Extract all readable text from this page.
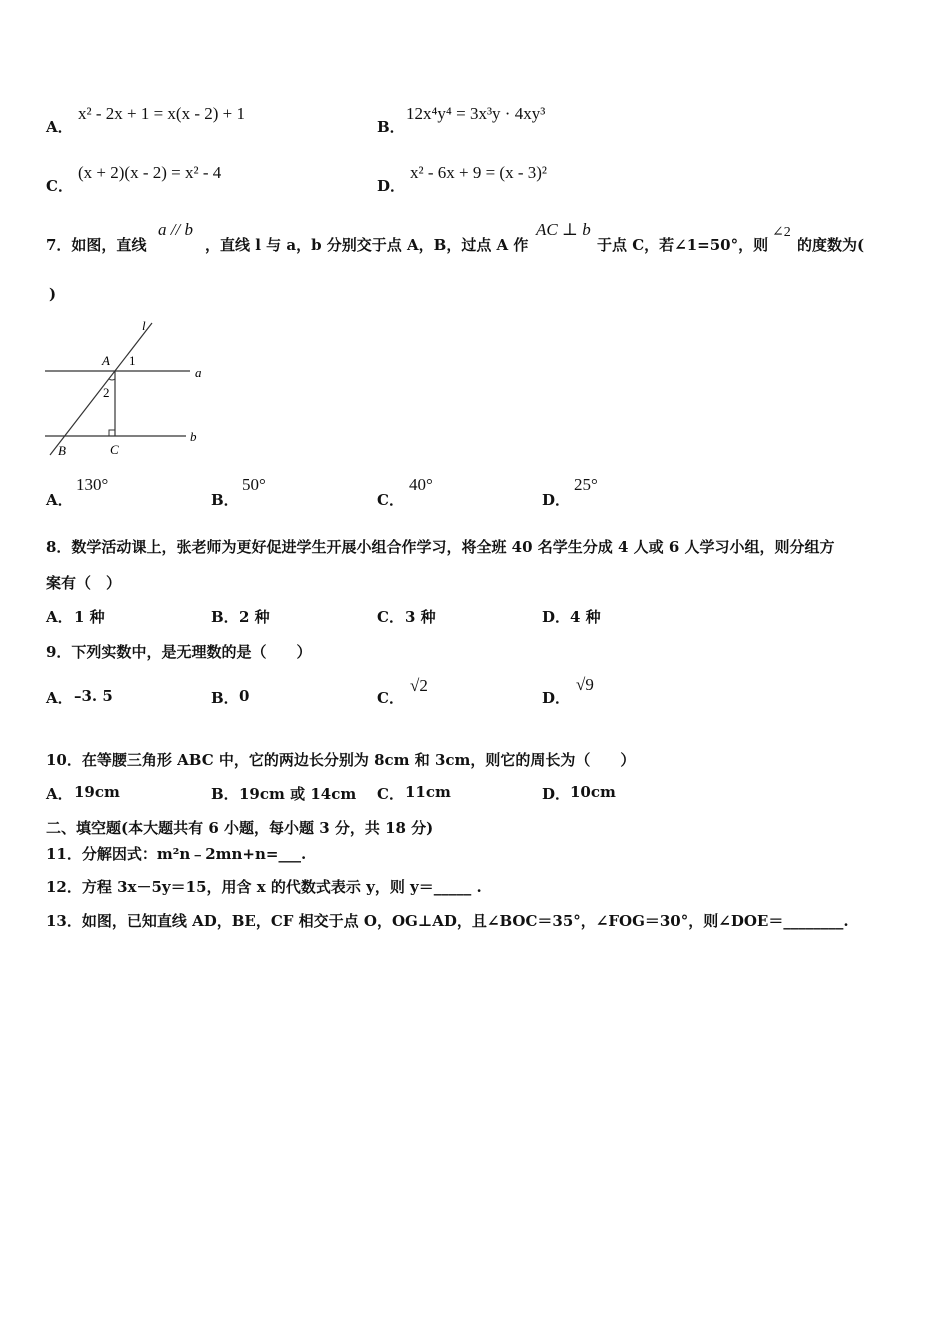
A．
x² - 2x + 1 = x(x - 2) + 1
B．
12x⁴y⁴ = 3x³y · 4xy³
C．
(x + 2)(x - 2) = x² - 4
D．
x² - 6x + 9 = (x - 3)²
7．如图，直线
a // b
，直线 l 与 a，b 分别交于点 A，B，过点 A 作
AC ⊥ b
于点 C，若∠1=50°，则
∠2
的度数为(
)
l
a
b
A
B	C
1
2
A．
130°
B．
50°
C．
40°
D．
25°
8．数学活动课上，张老师为更好促进学生开展小组合作学习，将全班 40 名学生分成 4 人或 6 人学习小组，则分组方
案有（　）
A． 1 种	B． 2 种	C． 3 种	D． 4 种
9．下列实数中，是无理数的是（　　）
A． –3. 5	B． 0	C．
√2
D．
√9
10．在等腰三角形 ABC 中，它的两边长分别为 8cm 和 3cm，则它的周长为（　　）
A． 19cm	B． 19cm 或 14cm C． 11cm	D． 10cm
二、填空题(本大题共有 6 小题，每小题 3 分，共 18 分)
11．分解因式：m²n﹣2mn+n=___.
12．方程 3x－5y＝15，用含 x 的代数式表示 y，则 y＝_____ .
13．如图，已知直线 AD，BE，CF 相交于点 O，OG⊥AD，且∠BOC＝35°，∠FOG＝30°，则∠DOE＝________.
